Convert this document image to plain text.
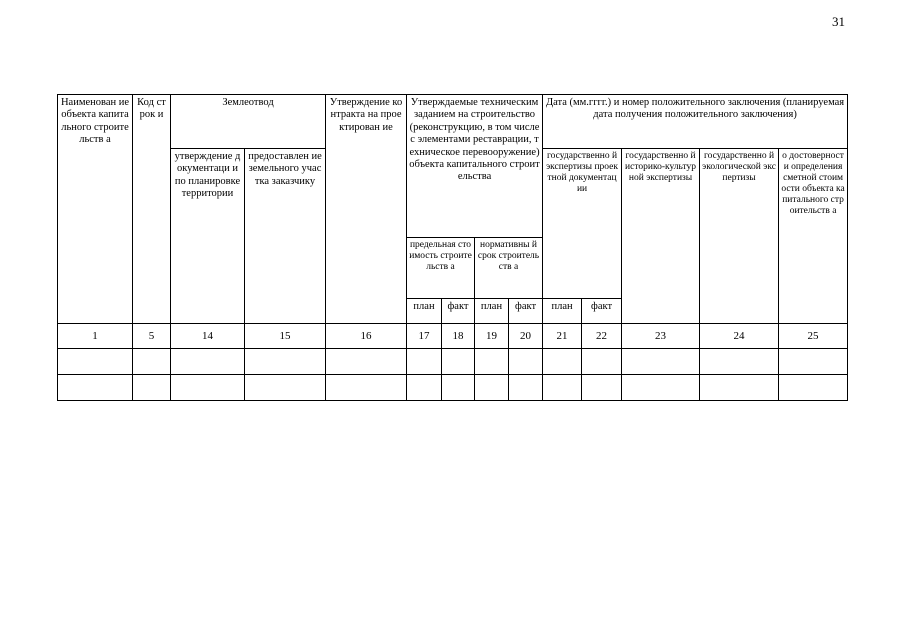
31
Наименован ие объекта капитального строительств а	Код строк и	Землеотвод		Утверждение контракта на проектирован ие	Утверждаемые техническим заданием на строительство (реконструкцию, в том числе с элементами реставрации, техническое перевооружение) объекта капитального строительства				Дата (мм.гггг.) и номер положительного заключения (планируемая дата получения положительного заключения)				
		утверждение документаци и по планировке территории	предоставлен ие земельного участка заказчику						государственно й экспертизы проектной документации		государственно й историко-культурной экспертизы	государственно й экологической экспертизы	о достоверност и определения сметной стоимости объекта капитального строительств а
					предельная стоимость строительств а		нормативны й срок строительств а						
					план	факт	план	факт	план	факт			
1	5	14	15	16	17	18	19	20	21	22	23	24	25
